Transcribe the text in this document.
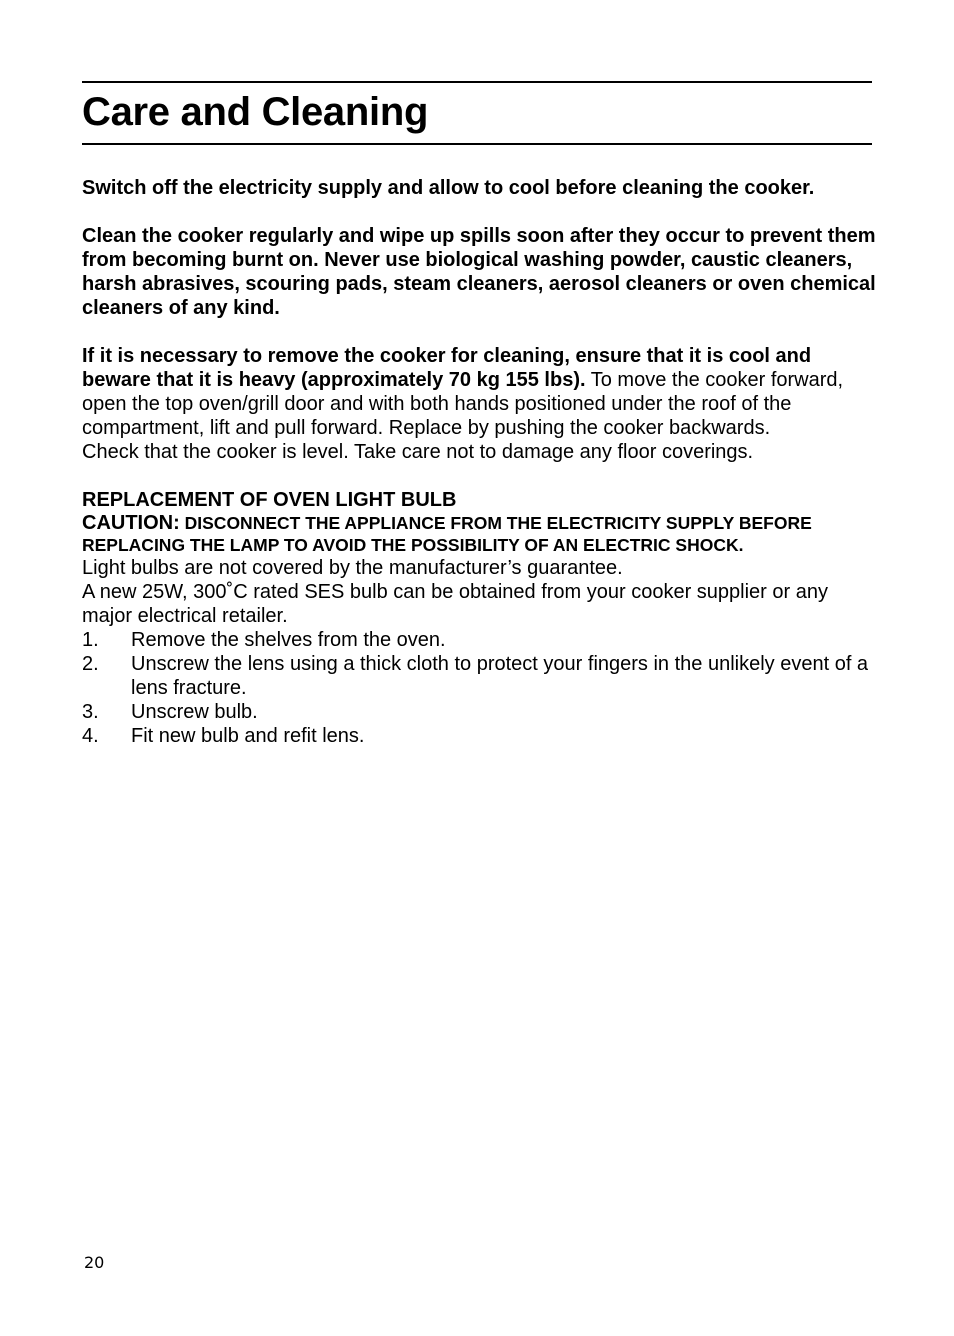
Care and Cleaning

Switch off the electricity supply and allow to cool before cleaning the cooker.

Clean the cooker regularly and wipe up spills soon after they occur to prevent them from becoming burnt on. Never use biological washing powder, caustic cleaners, harsh abrasives, scouring pads, steam cleaners, aerosol cleaners or oven chemical cleaners of any kind.

If it is necessary to remove the cooker for cleaning, ensure that it is cool and beware that it is heavy (approximately 70 kg 155 lbs). To move the cooker forward, open the top oven/grill door and with both hands positioned under the roof of the compartment, lift and pull forward. Replace by pushing the cooker backwards.

Check that the cooker is level. Take care not to damage any floor coverings.

REPLACEMENT OF OVEN LIGHT BULB

CAUTION: DISCONNECT THE APPLIANCE FROM THE ELECTRICITY SUPPLY BEFORE

REPLACING THE LAMP TO AVOID THE POSSIBILITY OF AN ELECTRIC SHOCK.

Light bulbs are not covered by the manufacturer’s guarantee.

A new 25W, 300˚C rated SES bulb can be obtained from your cooker supplier or any major electrical retailer.

1.	Remove the shelves from the oven.
2.	Unscrew the lens using a thick cloth to protect your fingers in the unlikely event of a lens fracture.
3.	Unscrew bulb.
4.	Fit new bulb and refit lens.
20
